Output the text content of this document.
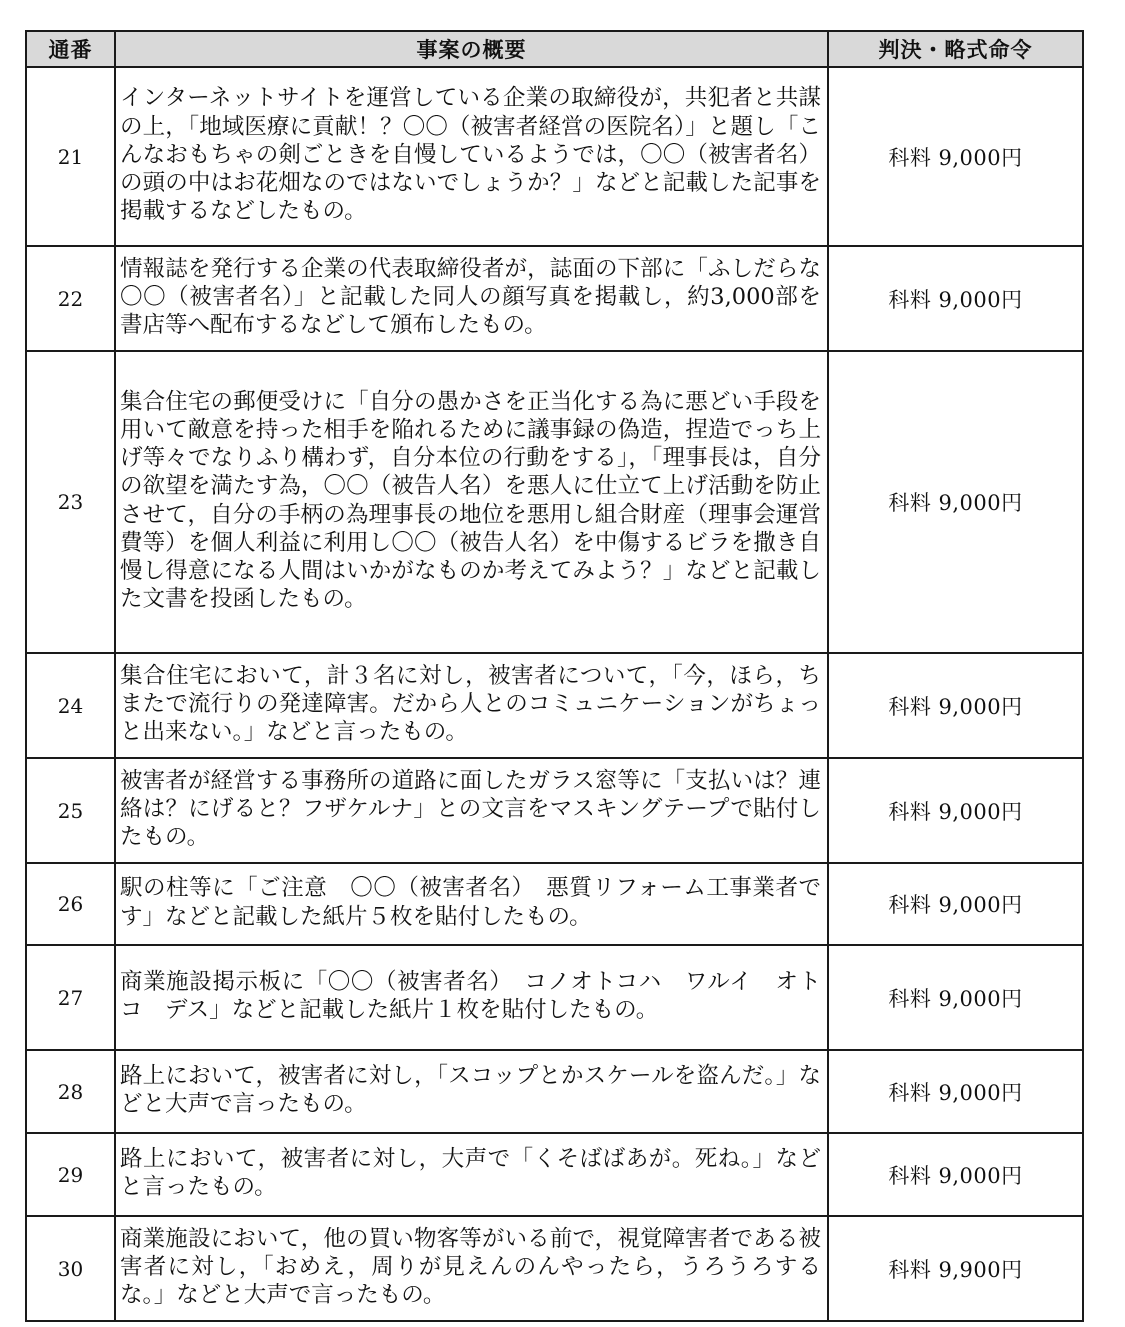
通番	事案の概要	判決・略式命令
21	インターネットサイトを運営している企業の取締役が，共犯者と共謀の上，「地域医療に貢献！？〇〇（被害者経営の医院名）」と題し「こんなおもちゃの剣ごときを自慢しているようでは，〇〇（被害者名）の頭の中はお花畑なのではないでしょうか？」などと記載した記事を掲載するなどしたもの。	科料 9,000円
22	情報誌を発行する企業の代表取締役者が，誌面の下部に「ふしだらな〇〇（被害者名）」と記載した同人の顔写真を掲載し，約3,000部を書店等へ配布するなどして頒布したもの。	科料 9,000円
23	集合住宅の郵便受けに「自分の愚かさを正当化する為に悪どい手段を用いて敵意を持った相手を陥れるために議事録の偽造，捏造でっち上げ等々でなりふり構わず，自分本位の行動をする」，「理事長は，自分の欲望を満たす為，〇〇（被告人名）を悪人に仕立て上げ活動を防止させて，自分の手柄の為理事長の地位を悪用し組合財産（理事会運営費等）を個人利益に利用し〇〇（被告人名）を中傷するビラを撒き自慢し得意になる人間はいかがなものか考えてみよう？」などと記載した文書を投函したもの。	科料 9,000円
24	集合住宅において，計３名に対し，被害者について，「今，ほら，ちまたで流行りの発達障害。だから人とのコミュニケーションがちょっと出来ない。」などと言ったもの。	科料 9,000円
25	被害者が経営する事務所の道路に面したガラス窓等に「支払いは？連絡は？にげると？フザケルナ」との文言をマスキングテープで貼付したもの。	科料 9,000円
26	駅の柱等に「ご注意　〇〇（被害者名）　悪質リフォーム工事業者です」などと記載した紙片５枚を貼付したもの。	科料 9,000円
27	商業施設掲示板に「〇〇（被害者名）　コノオトコハ　ワルイ　オトコ　デス」などと記載した紙片１枚を貼付したもの。	科料 9,000円
28	路上において，被害者に対し，「スコップとかスケールを盗んだ。」などと大声で言ったもの。	科料 9,000円
29	路上において，被害者に対し，大声で「くそばばあが。死ね。」などと言ったもの。	科料 9,000円
30	商業施設において，他の買い物客等がいる前で，視覚障害者である被害者に対し，「おめえ，周りが見えんのんやったら，うろうろするな。」などと大声で言ったもの。	科料 9,900円
